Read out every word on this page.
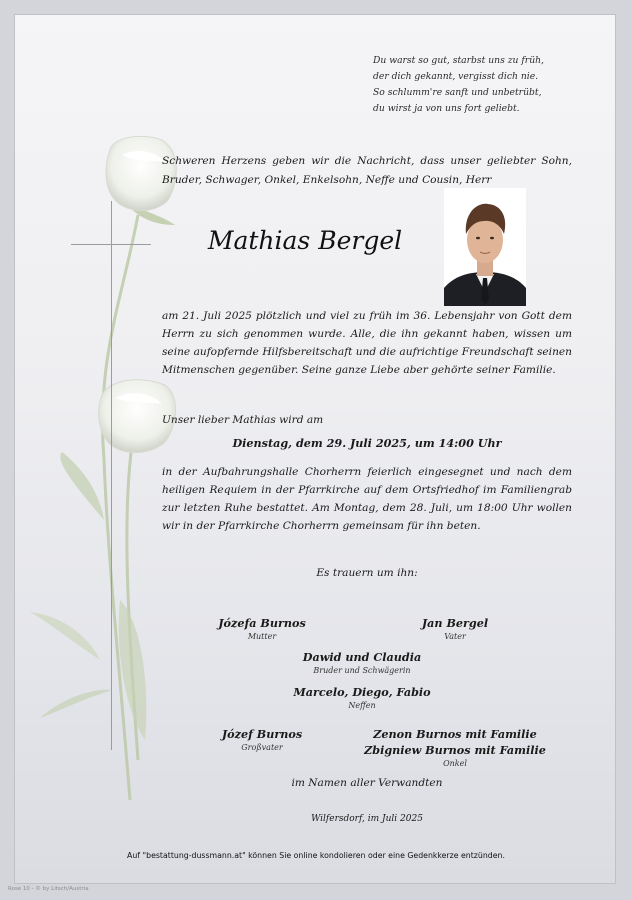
Du warst so gut, starbst uns zu früh,
der dich gekannt, vergisst dich nie.
So schlumm're sanft und unbetrübt,
du wirst ja von uns fort geliebt.
Schweren Herzens geben wir die Nachricht, dass unser geliebter Sohn, Bruder, Schwager, Onkel, Enkelsohn, Neffe und Cousin, Herr
Mathias Bergel
am 21. Juli 2025 plötzlich und viel zu früh im 36. Lebensjahr von Gott dem Herrn zu sich genommen wurde. Alle, die ihn gekannt haben, wissen um seine aufopfernde Hilfsbereitschaft und die aufrichtige Freundschaft seinen Mitmenschen gegenüber. Seine ganze Liebe aber gehörte seiner Familie.
Unser lieber Mathias wird am
Dienstag, dem 29. Juli 2025, um 14:00 Uhr
in der Aufbahrungshalle Chorherrn feierlich eingesegnet und nach dem heiligen Requiem in der Pfarrkirche auf dem Ortsfriedhof im Familiengrab zur letzten Ruhe bestattet. Am Montag, dem 28. Juli, um 18:00 Uhr wollen wir in der Pfarrkirche Chorherrn gemeinsam für ihn beten.
Es trauern um ihn:
Józefa Burnos
Mutter
Jan Bergel
Vater
Dawid und Claudia
Bruder und Schwägerin
Marcelo, Diego, Fabio
Neffen
Józef Burnos
Großvater
Zenon Burnos mit Familie
Zbigniew Burnos mit Familie
Onkel
im Namen aller Verwandten
Wilfersdorf, im Juli 2025
Auf "bestattung-dussmann.at" können Sie online kondolieren oder eine Gedenkkerze entzünden.
Rose 10 - © by Litsch/Austria
